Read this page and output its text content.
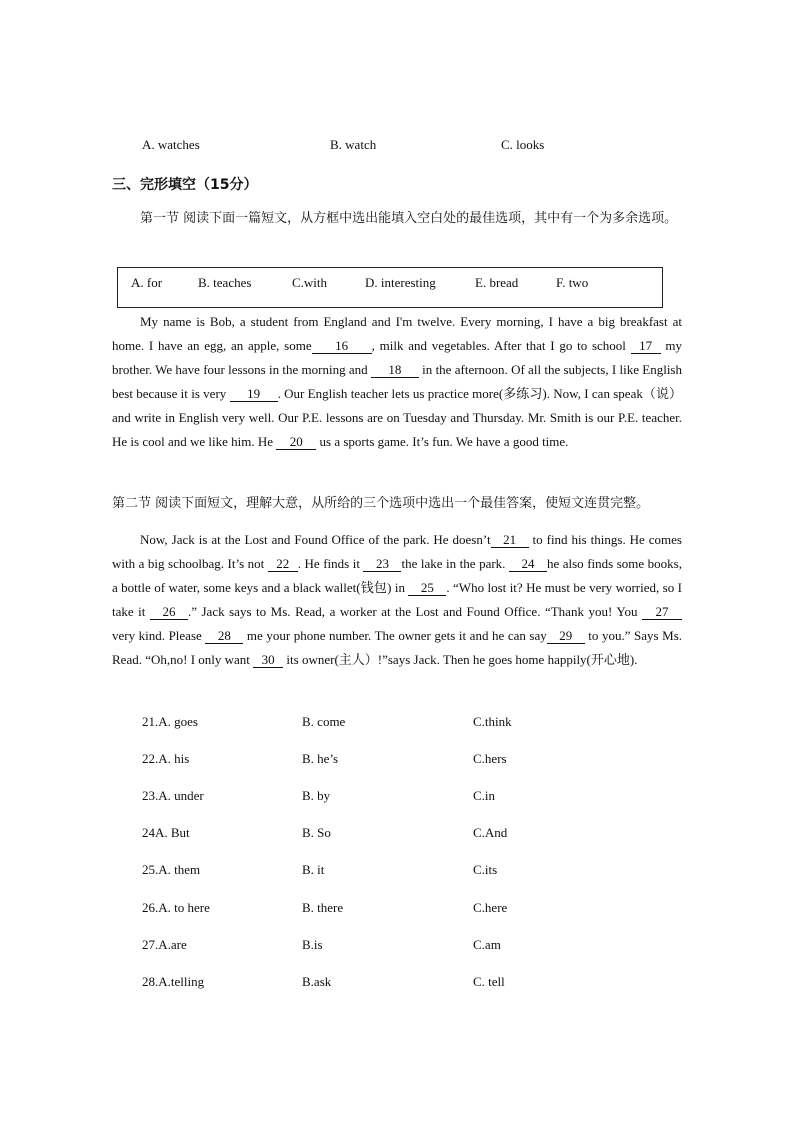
A. watches	B. watch	C. looks
三、完形填空（15分）
第一节 阅读下面一篇短文，从方框中选出能填入空白处的最佳选项，其中有一个为多余选项。
A. for	B. teaches	C.with	D. interesting	E. bread	F. two
My name is Bob, a student from England and I'm twelve. Every morning, I have a big breakfast at home. I have an egg, an apple, some 16 , milk and vegetables. After that I go to school 17 my brother. We have four lessons in the morning and 18 in the afternoon. Of all the subjects, I like English best because it is very 19 . Our English teacher lets us practice more(多练习). Now, I can speak（说）and write in English very well. Our P.E. lessons are on Tuesday and Thursday. Mr. Smith is our P.E. teacher. He is cool and we like him. He 20 us a sports game. It’s fun. We have a good time.
第二节 阅读下面短文，理解大意，从所给的三个选项中选出一个最佳答案，使短文连贯完整。
Now, Jack is at the Lost and Found Office of the park. He doesn’t 21 to find his things. He comes with a big schoolbag. It’s not 22 . He finds it 23 the lake in the park. 24 he also finds some books, a bottle of water, some keys and a black wallet(钱包) in 25 . “Who lost it? He must be very worried, so I take it 26 .” Jack says to Ms. Read, a worker at the Lost and Found Office. “Thank you! You 27 very kind. Please 28 me your phone number. The owner gets it and he can say 29 to you.” Says Ms. Read. “Oh,no! I only want 30 its owner(主人）!”says Jack. Then he goes home happily(开心地).
21.A. goes	B. come	C.think
22.A. his	B. he’s	C.hers
23.A. under	B. by	C.in
24A. But	B. So	C.And
25.A. them	B. it	C.its
26.A. to here	B. there	C.here
27.A.are	B.is	C.am
28.A.telling	B.ask	C. tell
